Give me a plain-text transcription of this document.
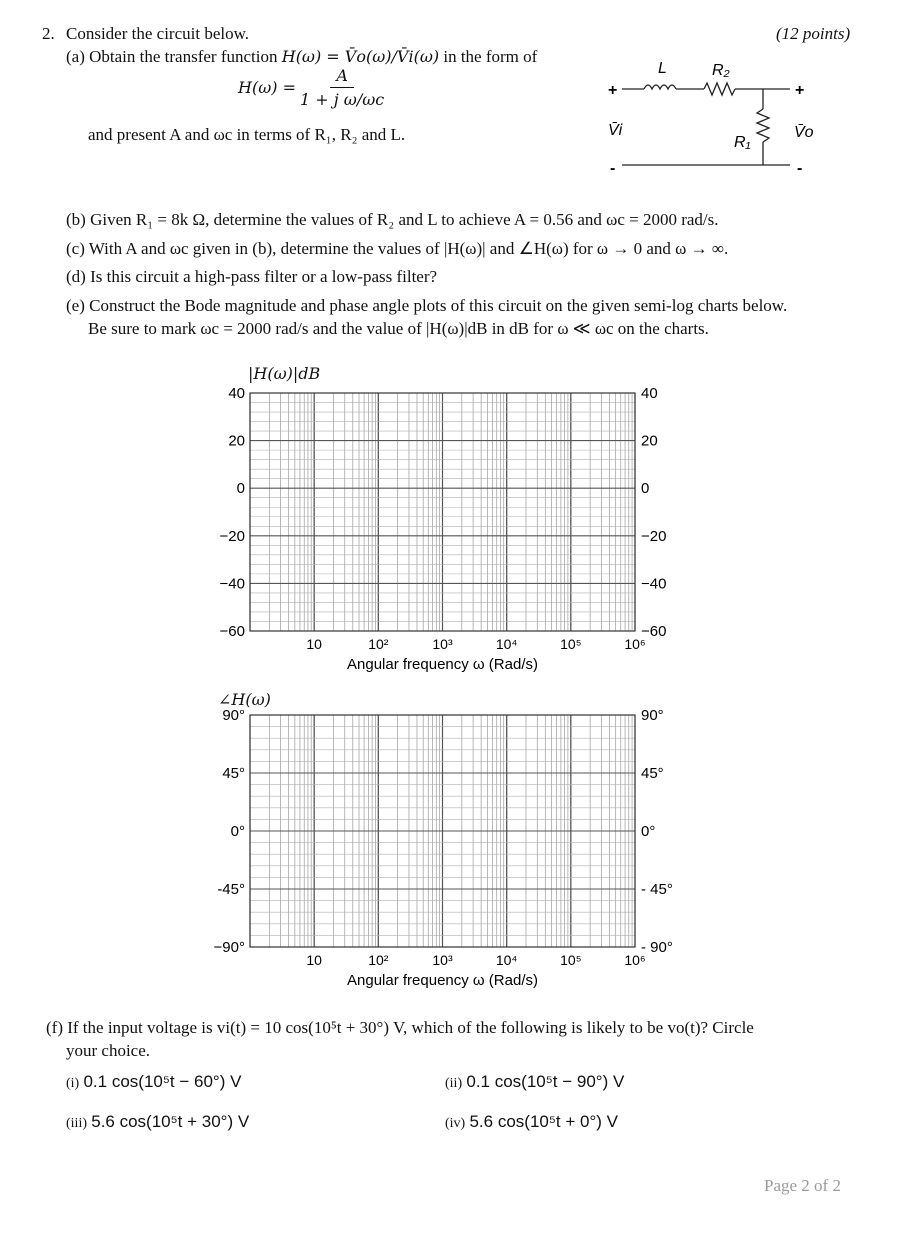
2. Consider the circuit below.	(12 points)
(a) Obtain the transfer function H(ω) = V̄o(ω)/V̄i(ω) in the form of
$H(\omega) = \frac{A}{\text{1 + j ω/ωc}}$
and present A and ωc in terms of R₁, R₂ and L.
L	R₂
R₁
+
V̄i
-
+
V̄o
-
(b) Given R₁ = 8k Ω, determine the values of R₂ and L to achieve A = 0.56 and ωc = 2000 rad/s.
(c) With A and ωc given in (b), determine the values of |H(ω)| and ∠H(ω) for ω → 0 and ω → ∞.
(d) Is this circuit a high-pass filter or a low-pass filter?
(e) Construct the Bode magnitude and phase angle plots of this circuit on the given semi-log charts below.
Be sure to mark ωc = 2000 rad/s and the value of |H(ω)|dB in dB for ω ≪ ωc on the charts.
|H(ω)|dB
40
20
0
−20
−40
−60
40
20
0
−20
−40
−60
10	10²	10³	10⁴	10⁵	10⁶
Angular frequency ω (Rad/s)
∠H(ω)
90°
45°
0°
-45°
−90°
90°
45°
0°
- 45°
- 90°
10	10²	10³	10⁴	10⁵	10⁶
Angular frequency ω (Rad/s)
(f) If the input voltage is vi(t) = 10 cos(10⁵t + 30°) V, which of the following is likely to be vo(t)? Circle
your choice.
(i) 0.1 cos(10⁵t − 60°) V	(ii) 0.1 cos(10⁵t − 90°) V
(iii) 5.6 cos(10⁵t + 30°) V	(iv) 5.6 cos(10⁵t + 0°) V
Page 2 of 2
